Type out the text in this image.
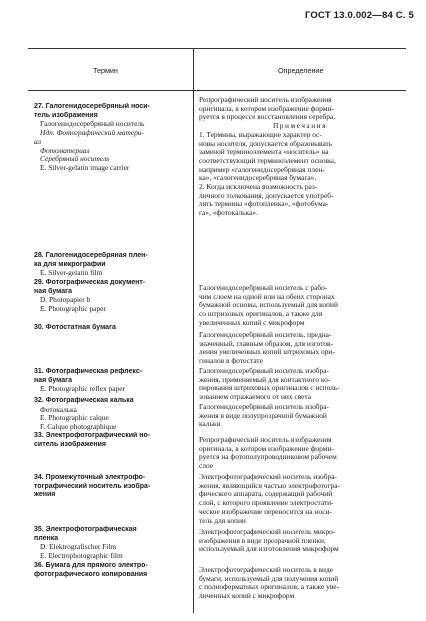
ГОСТ 13.0.002—84 С. 5
Термин	Определение
27. Галогенидосеребряный носи-
тель изображения
Галогенидосеребряный носитель
Ндп. Фотографический матери-
ал
Фотоматериал
Серебряный носитель
E. Silver-gelatin image carrier
28. Галогенидосеребряная плен-
ка для микрографии
E. Silver-gelatin film
29. Фотографическая документ-
ная бумага
D. Photopapier b
E. Photographic paper
30. Фотостатная бумага
31. Фотографическая рефлекс-
ная бумага
E. Photographic reflex paper
32. Фотографическая калька
Фотокалька
E. Photographic calque
F. Calque photographique
33. Электрофотографический но-
ситель изображения
34. Промежуточный электрофо-
тографический носитель изобра-
жения
35. Электрофотографическая
пленка
D. Elektrografischer Film
E. Electrophotographic film
36. Бумага для прямого электро-
фотографического копирования
Репрографический носитель изображения
оригинала, в котором изображение форми-
руется в процессе восстановления серебра.
Примечания
1. Термины, выражающие характер ос-
новы носителя, допускается образовывать
заменой терминоэлемента «носитель» на
соответствующий терминоэлемент основы,
например «галогенидосеребряная плен-
ка», «галогенидосеребряная бумага».
2. Когда исключена возможность раз-
личного толкования, допускается употреб-
лять термины «фотопленка», «фотобума-
га», «фотокалька».
Галогенидосеребряный носитель с рабо-
чим слоем на одной или на обеих сторонах
бумажной основы, используемый для копий
со штриховых оригиналов, а также для
увеличенных копий с микроформ
Галогенидосеребряный носитель, предна-
значенный, главным образом, для изготов-
ления увеличенных копий штриховых ори-
гиналов в фотостате
Галогенидосеребряный носитель изобра-
жения, применяемый для контактного ко-
пирования штриховых оригиналов с исполь-
зованием отражаемого от них света
Галогенидосеребряный носитель изобра-
жения в виде полупрозрачной бумажной
кальки
Репрографический носитель изображения
оригинала, в котором изображение форми-
руется на фотополупроводниковом рабочем
слое
Электрофотографический носитель изобра-
жения, являющийся частью электрофотогра-
фического аппарата, содержащий рабочий
слой, с которого проявление электростати-
ческое изображение переносится на носи-
тель для копии
Электрофотографический носитель микро-
изображения в виде прозрачной пленки,
используемый для изготовления микроформ
Электрофотографический носитель в виде
бумаги, используемый для получения копий
с полноформатных оригиналов, а также уве-
личенных копий с микроформ
